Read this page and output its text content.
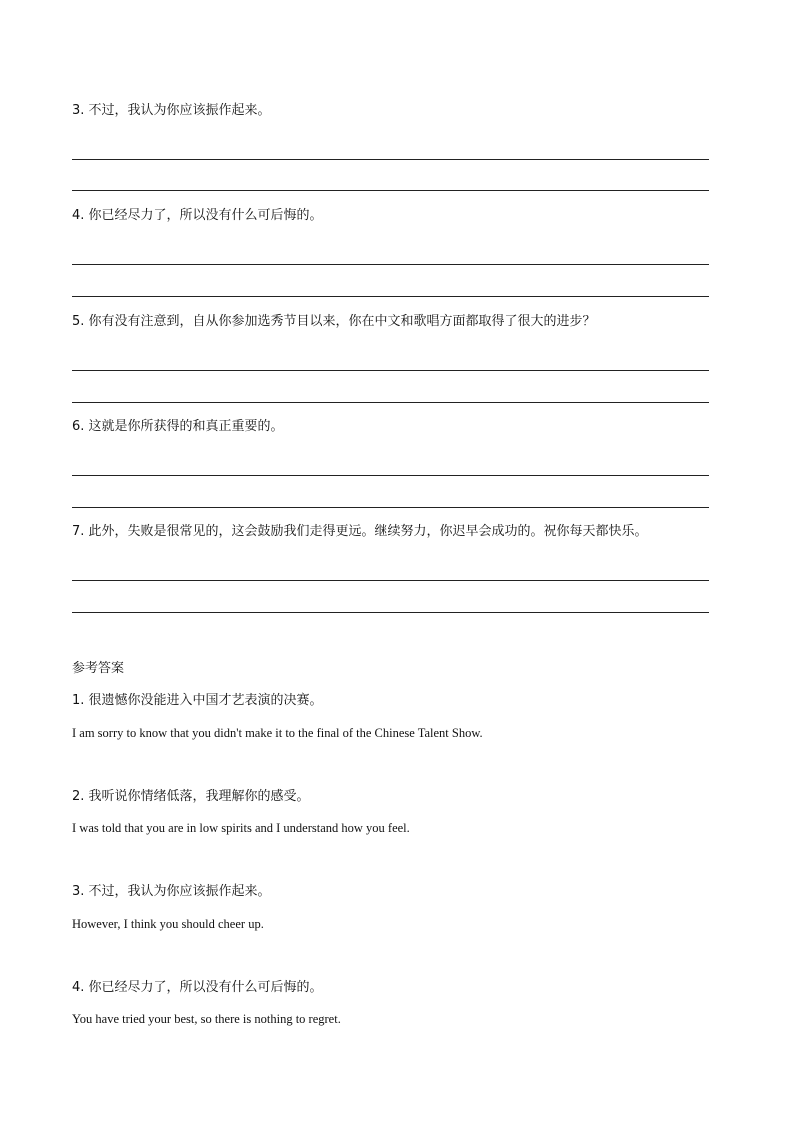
3. 不过，我认为你应该振作起来。
4. 你已经尽力了，所以没有什么可后悔的。
5. 你有没有注意到，自从你参加选秀节目以来，你在中文和歌唱方面都取得了很大的进步？
6. 这就是你所获得的和真正重要的。
7. 此外，失败是很常见的，这会鼓励我们走得更远。继续努力，你迟早会成功的。祝你每天都快乐。
参考答案
1. 很遗憾你没能进入中国才艺表演的决赛。
I am sorry to know that you didn't make it to the final of the Chinese Talent Show.
2. 我听说你情绪低落，我理解你的感受。
I was told that you are in low spirits and I understand how you feel.
3. 不过，我认为你应该振作起来。
However, I think you should cheer up.
4. 你已经尽力了，所以没有什么可后悔的。
You have tried your best, so there is nothing to regret.
